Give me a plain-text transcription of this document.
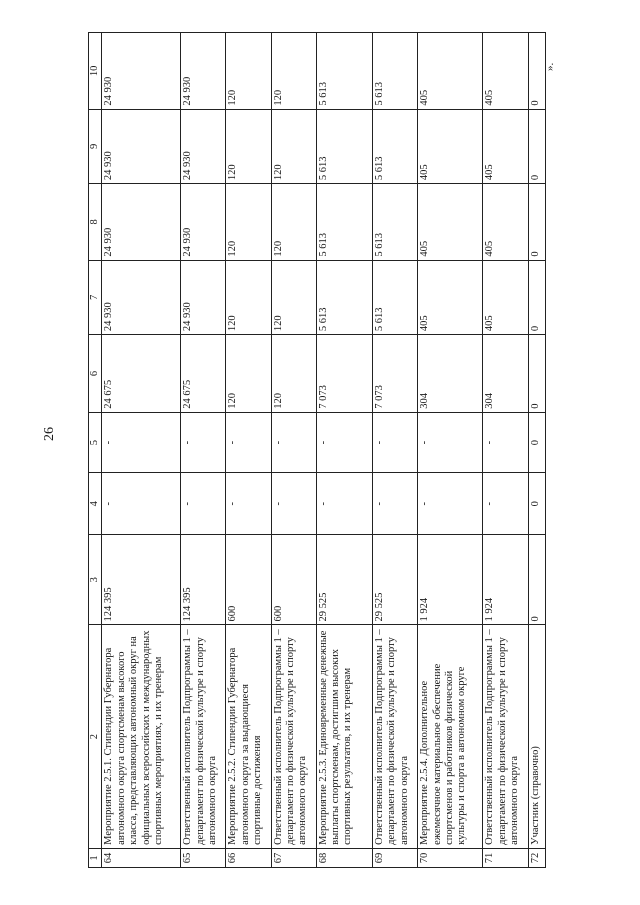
26
1	2	3	4	5	6	7	8	9	10
64	Мероприятие 2.5.1. Стипендии Губернатора автономного округа спортсменам высокого класса, представляющих автономный округ на официальных всероссийских и международных спортивных мероприятиях, и их тренерам	124 395	-	-	24 675	24 930	24 930	24 930	24 930
65	Ответственный исполнитель Подпрограммы 1 – департамент по физической культуре и спорту автономного округа	124 395	-	-	24 675	24 930	24 930	24 930	24 930
66	Мероприятие 2.5.2. Стипендии Губернатора автономного округа за выдающиеся спортивные достижения	600	-	-	120	120	120	120	120
67	Ответственный исполнитель Подпрограммы 1 – департамент по физической культуре и спорту автономного округа	600	-	-	120	120	120	120	120
68	Мероприятие 2.5.3. Единовременные денежные выплаты спортсменам, достигшим высоких спортивных результатов, и их тренерам	29 525	-	-	7 073	5 613	5 613	5 613	5 613
69	Ответственный исполнитель Подпрограммы 1 – департамент по физической культуре и спорту автономного округа	29 525	-	-	7 073	5 613	5 613	5 613	5 613
70	Мероприятие 2.5.4. Дополнительное ежемесячное материальное обеспечение спортсменов и работников физической культуры и спорта в автономном округе	1 924	-	-	304	405	405	405	405
71	Ответственный исполнитель Подпрограммы 1 – департамент по физической культуре и спорту автономного округа	1 924	-	-	304	405	405	405	405
72	Участник (справочно)	0	0	0	0	0	0	0	0
».
